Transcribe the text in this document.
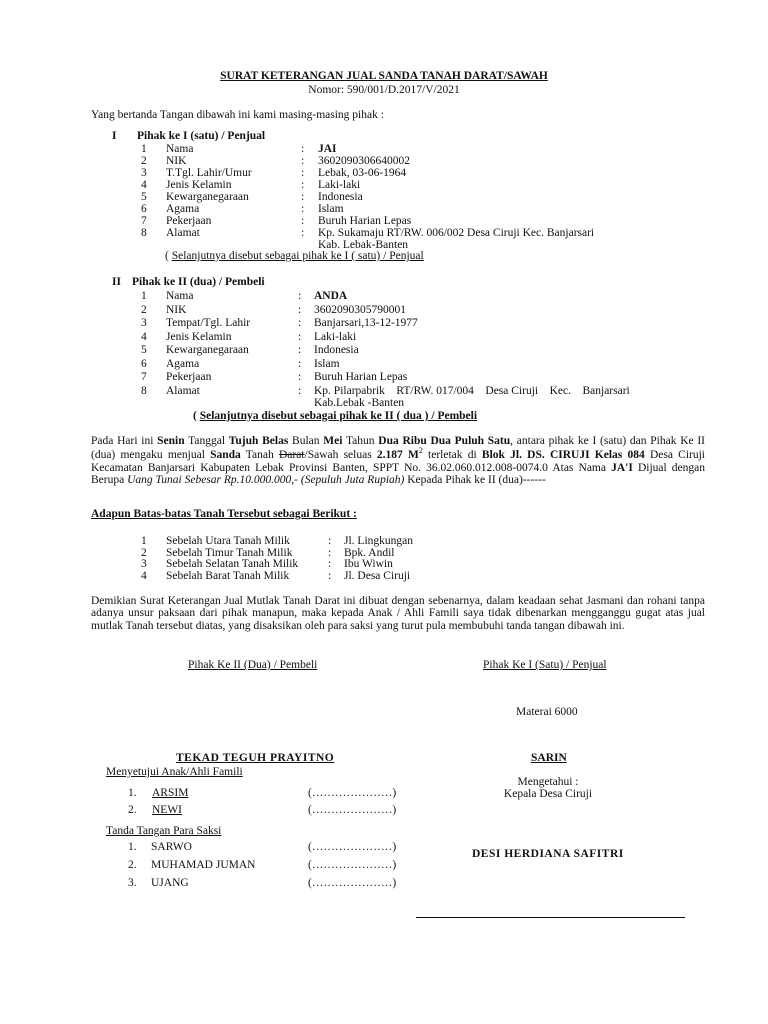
SURAT KETERANGAN JUAL SANDA TANAH DARAT/SAWAH
Nomor: 590/001/D.2017/V/2021
Yang bertanda Tangan dibawah ini kami masing-masing pihak :
I Pihak ke I (satu) / Penjual
1 Nama	: JAI
2 NIK	: 3602090306640002
3 T.Tgl. Lahir/Umur	: Lebak, 03-06-1964
4 Jenis Kelamin	: Laki-laki
5 Kewarganegaraan	: Indonesia
6 Agama	: Islam
7 Pekerjaan	: Buruh Harian Lepas
8 Alamat	: Kp. Sukamaju RT/RW. 006/002 Desa Ciruji Kec. Banjarsari
Kab. Lebak-Banten
( Selanjutnya disebut sebagai pihak ke I ( satu) / Penjual
II Pihak ke II (dua) / Pembeli
1 Nama	: ANDA
2 NIK	: 3602090305790001
3 Tempat/Tgl. Lahir	: Banjarsari,13-12-1977
4 Jenis Kelamin	: Laki-laki
5 Kewarganegaraan	: Indonesia
6 Agama	: Islam
7 Pekerjaan	: Buruh Harian Lepas
8 Alamat	: Kp. Pilarpabrik    RT/RW. 017/004    Desa Ciruji    Kec.    Banjarsari
Kab.Lebak -Banten
( Selanjutnya disebut sebagai pihak ke II ( dua ) / Pembeli
Pada Hari ini Senin Tanggal Tujuh Belas Bulan Mei Tahun Dua Ribu Dua Puluh Satu, antara pihak ke I (satu) dan Pihak Ke II (dua) mengaku menjual Sanda Tanah Darat/Sawah seluas 2.187 $M^2$ terletak di Blok Jl. DS. CIRUJI Kelas 084 Desa Ciruji Kecamatan Banjarsari Kabupaten Lebak Provinsi Banten, SPPT No. 36.02.060.012.008-0074.0 Atas Nama JA'I Dijual dengan Berupa Uang Tunai Sebesar Rp.10.000.000,- (Sepuluh Juta Rupiah) Kepada Pihak ke II (dua)------
Adapun Batas-batas Tanah Tersebut sebagai Berikut :
1 Sebelah Utara Tanah Milik	: Jl. Lingkungan
2 Sebelah Timur Tanah Milik	: Bpk. Andil
3 Sebelah Selatan Tanah Milik	: Ibu Wiwin
4 Sebelah Barat Tanah Milik	: Jl. Desa Ciruji
Demikian Surat Keterangan Jual Mutlak Tanah Darat ini dibuat dengan sebenarnya, dalam keadaan sehat Jasmani dan rohani tanpa adanya unsur paksaan dari pihak manapun, maka kepada Anak / Ahli Famili saya tidak dibenarkan mengganggu gugat atas jual mutlak Tanah tersebut diatas, yang disaksikan oleh para saksi yang turut pula membubuhi tanda tangan dibawah ini.
Pihak Ke II (Dua) / Pembeli	Pihak Ke I (Satu) / Penjual
Materai 6000
TEKAD TEGUH PRAYITNO	SARIN
Menyetujui Anak/Ahli Famili
Mengetahui :
Kepala Desa Ciruji
1. ARSIM	(…………………)
2. NEWI	(…………………)
Tanda Tangan Para Saksi
1. SARWO	(…………………)
2. MUHAMAD JUMAN	(…………………)
3. UJANG	(…………………)
DESI HERDIANA SAFITRI
